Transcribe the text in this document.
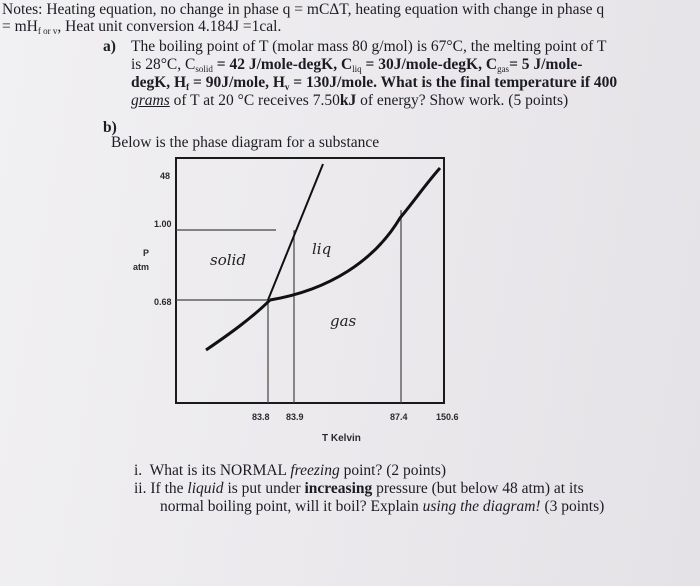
Notes: Heating equation, no change in phase q = mCΔT, heating equation with change in phase q
= $mH_{f or v}$, Heat unit conversion 4.184J =1cal.
a) The boiling point of T (molar mass 80 g/mol) is 67°C, the melting point of T
is 28°C, $C_{solid} = 42$ J/mole-degK, $C_{liq}$ = 30J/mole-degK, $C_{gas}= 5$ J/mole-
degK, $H_f$ = 90J/mole, $H_v$ = 130J/mole. What is the final temperature if 400
grams of T at 20 °C receives 7.50kJ of energy? Show work. (5 points)
b)
Below is the phase diagram for a substance
48
1.00
0.68
P
atm
83.8 83.9	87.4	150.6
T Kelvin
solid
liq
gas
i. What is its NORMAL freezing point? (2 points)
ii. If the liquid is put under increasing pressure (but below 48 atm) at its
normal boiling point, will it boil? Explain using the diagram! (3 points)
